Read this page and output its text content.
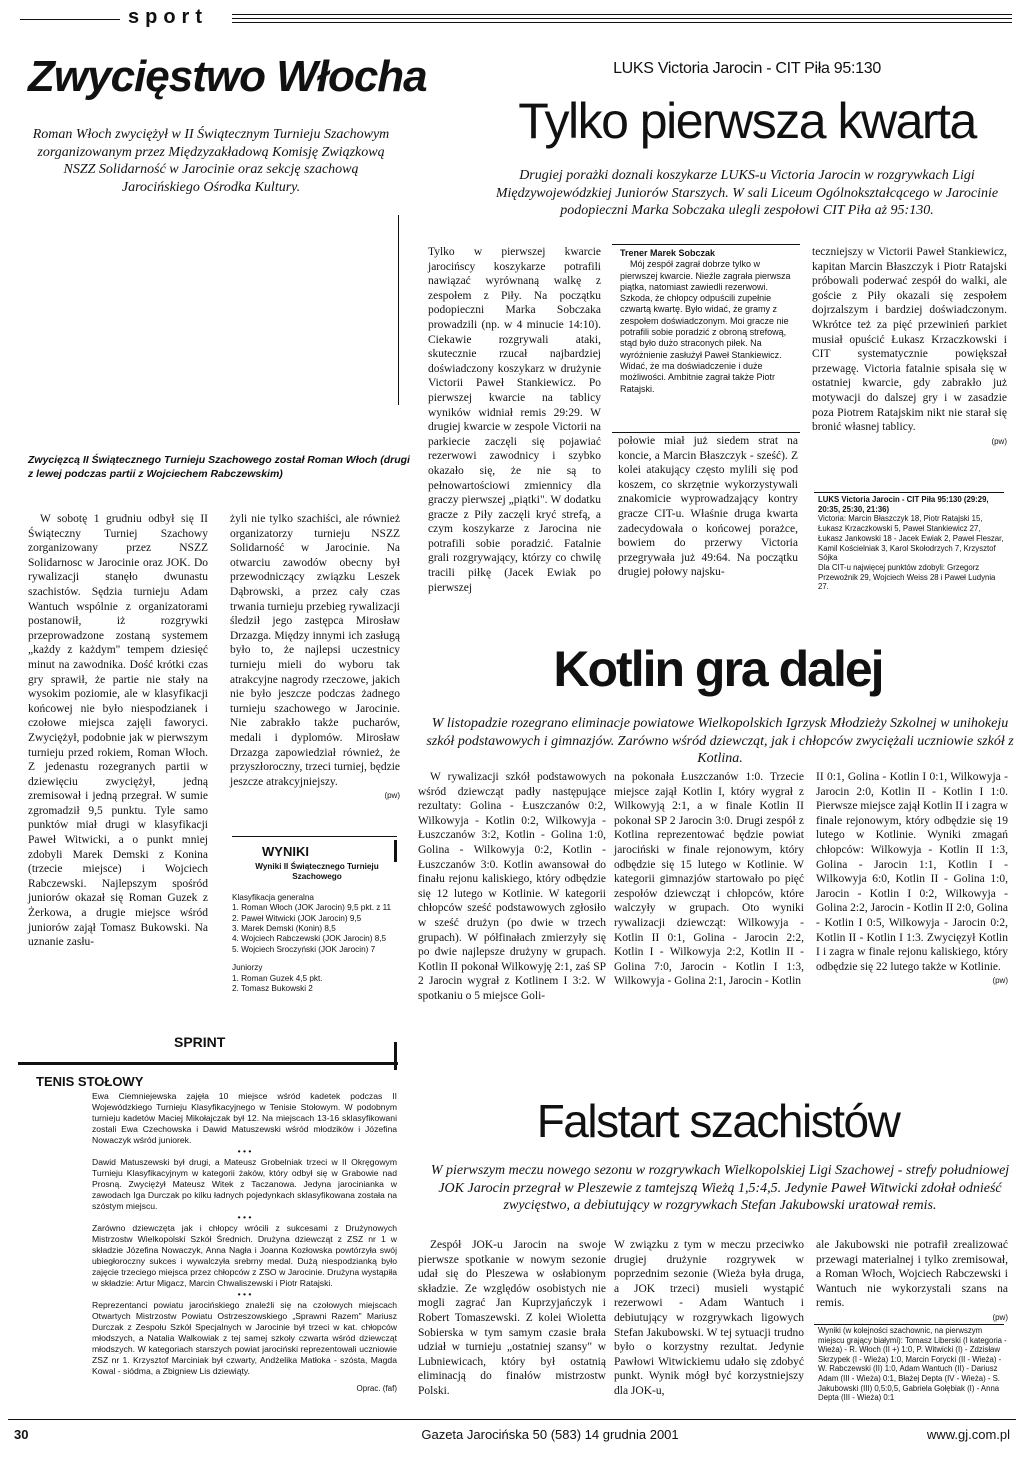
sport
Zwycięstwo Włocha
Roman Włoch zwyciężył w II Świątecznym Turnieju Szachowym zorganizowanym przez Międzyzakładową Komisję Związkową NSZZ Solidarność w Jarocinie oraz sekcję szachową Jarocińskiego Ośrodka Kultury.
Zwycięzcą II Świątecznego Turnieju Szachowego został Roman Włoch (drugi z lewej podczas partii z Wojciechem Rabczewskim)

W sobotę 1 grudniu odbył się II Świąteczny Turniej Szachowy zorganizowany przez NSZZ Solidarnosc w Jarocinie oraz JOK. Do rywalizacji stanęło dwunastu szachistów. Sędzia turnieju Adam Wantuch wspólnie z organizatorami postanowił, iż rozgrywki przeprowadzone zostaną systemem „każdy z każdym" tempem dziesięć minut na zawodnika. Dość krótki czas gry sprawił, że partie nie stały na wysokim poziomie, ale w klasyfikacji końcowej nie było niespodzianek i czołowe miejsca zajęli faworyci. Zwyciężył, podobnie jak w pierwszym turnieju przed rokiem, Roman Włoch. Z jedenastu rozegranych partii w dziewięciu zwyciężył, jedną zremisował i jedną przegrał. W sumie zgromadził 9,5 punktu. Tyle samo punktów miał drugi w klasyfikacji Paweł Witwicki, a o punkt mniej zdobyli Marek Demski z Konina (trzecie miejsce) i Wojciech Rabczewski. Najlepszym spośród juniorów okazał się Roman Guzek z Żerkowa, a drugie miejsce wśród juniorów zajął Tomasz Bukowski. Na uznanie zasłu-

żyli nie tylko szachiści, ale również organizatorzy turnieju NSZZ Solidarność w Jarocinie. Na otwarciu zawodów obecny był przewodniczący związku Leszek Dąbrowski, a przez cały czas trwania turnieju przebieg rywalizacji śledził jego zastępca Mirosław Drzazga. Między innymi ich zasługą było to, że najlepsi uczestnicy turnieju mieli do wyboru tak atrakcyjne nagrody rzeczowe, jakich nie było jeszcze podczas żadnego turnieju szachowego w Jarocinie. Nie zabrakło także pucharów, medali i dyplomów. Mirosław Drzazga zapowiedział również, że przyszłoroczny, trzeci turniej, będzie jeszcze atrakcyjniejszy.

(pw)
WYNIKI

Wyniki II Świątecznego Turnieju Szachowego

Klasyfikacja generalna

1. Roman Włoch (JOK Jarocin) 9,5 pkt. z 11

2. Paweł Witwicki (JOK Jarocin) 9,5

3. Marek Demski (Konin) 8,5

4. Wojciech Rabczewski (JOK Jarocin) 8,5

5. Wojciech Sroczyński (JOK Jarocin) 7

Juniorzy

1. Roman Guzek 4,5 pkt.

2. Tomasz Bukowski 2

LUKS Victoria Jarocin - CIT Piła 95:130
Tylko pierwsza kwarta
Drugiej porażki doznali koszykarze LUKS-u Victoria Jarocin w rozgrywkach Ligi Międzywojewódzkiej Juniorów Starszych. W sali Liceum Ogólnokształcącego w Jarocinie podopieczni Marka Sobczaka ulegli zespołowi CIT Piła aż 95:130.

Tylko w pierwszej kwarcie jarocińscy koszykarze potrafili nawiązać wyrównaną walkę z zespołem z Piły. Na początku podopieczni Marka Sobczaka prowadzili (np. w 4 minucie 14:10). Ciekawie rozgrywali ataki, skutecznie rzucał najbardziej doświadczony koszykarz w drużynie Victorii Paweł Stankiewicz. Po pierwszej kwarcie na tablicy wyników widniał remis 29:29. W drugiej kwarcie w zespole Victorii na parkiecie zaczęli się pojawiać rezerwowi zawodnicy i szybko okazało się, że nie są to pełnowartościowi zmiennicy dla graczy pierwszej „piątki". W dodatku gracze z Piły zaczęli kryć strefą, a czym koszykarze z Jarocina nie potrafili sobie poradzić. Fatalnie grali rozgrywający, którzy co chwilę tracili piłkę (Jacek Ewiak po pierwszej

Trener Marek Sobczak

Mój zespół zagrał dobrze tylko w pierwszej kwarcie. Nieźle zagrała pierwsza piątka, natomiast zawiedli rezerwowi. Szkoda, że chłopcy odpuścili zupełnie czwartą kwartę. Było widać, że gramy z zespołem doświadczonym. Moi gracze nie potrafili sobie poradzić z obroną strefową, stąd było dużo straconych piłek. Na wyróżnienie zasłużył Paweł Stankiewicz. Widać, że ma doświadczenie i duże możliwości. Ambitnie zagrał także Piotr Ratajski.

połowie miał już siedem strat na koncie, a Marcin Błaszczyk - sześć). Z kolei atakujący często mylili się pod koszem, co skrzętnie wykorzystywali znakomicie wyprowadzający kontry gracze CIT-u. Właśnie druga kwarta zadecydowała o końcowej porażce, bowiem do przerwy Victoria przegrywała już 49:64. Na początku drugiej połowy najsku-

teczniejszy w Victorii Paweł Stankiewicz, kapitan Marcin Błaszczyk i Piotr Ratajski próbowali poderwać zespół do walki, ale goście z Piły okazali się zespołem dojrzalszym i bardziej doświadczonym. Wkrótce też za pięć przewinień parkiet musiał opuścić Łukasz Krzaczkowski i CIT systematycznie powiększał przewagę. Victoria fatalnie spisała się w ostatniej kwarcie, gdy zabrakło już motywacji do dalszej gry i w zasadzie poza Piotrem Ratajskim nikt nie starał się bronić własnej tablicy.

(pw)

LUKS Victoria Jarocin - CIT Piła 95:130 (29:29, 20:35, 25:30, 21:36)

Victoria: Marcin Błaszczyk 18, Piotr Ratajski 15, Łukasz Krzaczkowski 5, Paweł Stankiewicz 27, Łukasz Jankowski 18 - Jacek Ewiak 2, Paweł Fleszar, Kamil Kościelniak 3, Karol Skołodrzych 7, Krzysztof Sójka

Dla CIT-u najwięcej punktów zdobyli: Grzegorz Przewoźnik 29, Wojciech Weiss 28 i Paweł Ludynia 27.

Kotlin gra dalej
W listopadzie rozegrano eliminacje powiatowe Wielkopolskich Igrzysk Młodzieży Szkolnej w unihokeju szkół podstawowych i gimnazjów. Zarówno wśród dziewcząt, jak i chłopców zwyciężali uczniowie szkół z Kotlina.

W rywalizacji szkół podstawowych wśród dziewcząt padły następujące rezultaty: Golina - Łuszczanów 0:2, Wilkowyja - Kotlin 0:2, Wilkowyja - Łuszczanów 3:2, Kotlin - Golina 1:0, Golina - Wilkowyja 0:2, Kotlin - Łuszczanów 3:0. Kotlin awansował do finału rejonu kaliskiego, który odbędzie się 12 lutego w Kotlinie. W kategorii chłopców sześć podstawowych zgłosiło w sześć drużyn (po dwie w trzech grupach). W półfinałach zmierzyły się po dwie najlepsze drużyny w grupach. Kotlin II pokonał Wilkowyję 2:1, zaś SP 2 Jarocin wygrał z Kotlinem I 3:2. W spotkaniu o 5 miejsce Goli-

na pokonała Łuszczanów 1:0. Trzecie miejsce zajął Kotlin I, który wygrał z Wilkowyją 2:1, a w finale Kotlin II pokonał SP 2 Jarocin 3:0. Drugi zespół z Kotlina reprezentować będzie powiat jarociński w finale rejonowym, który odbędzie się 15 lutego w Kotlinie. W kategorii gimnazjów startowało po pięć zespołów dziewcząt i chłopców, które walczyły w grupach. Oto wyniki rywalizacji dziewcząt: Wilkowyja - Kotlin II 0:1, Golina - Jarocin 2:2, Kotlin I - Wilkowyja 2:2, Kotlin II - Golina 7:0, Jarocin - Kotlin I 1:3, Wilkowyja - Golina 2:1, Jarocin - Kotlin

II 0:1, Golina - Kotlin I 0:1, Wilkowyja - Jarocin 2:0, Kotlin II - Kotlin I 1:0. Pierwsze miejsce zajął Kotlin II i zagra w finale rejonowym, który odbędzie się 19 lutego w Kotlinie. Wyniki zmagań chłopców: Wilkowyja - Kotlin II 1:3, Golina - Jarocin 1:1, Kotlin I - Wilkowyja 6:0, Kotlin II - Golina 1:0, Jarocin - Kotlin I 0:2, Wilkowyja - Golina 2:2, Jarocin - Kotlin II 2:0, Golina - Kotlin I 0:5, Wilkowyja - Jarocin 0:2, Kotlin II - Kotlin I 1:3. Zwycięzył Kotlin I i zagra w finale rejonu kaliskiego, który odbędzie się 22 lutego także w Kotlinie.

(pw)
SPRINT
TENIS STOŁOWY

Ewa Ciemniejewska zajęła 10 miejsce wśród kadetek podczas II Wojewódzkiego Turnieju Klasyfikacyjnego w Tenisie Stołowym. W podobnym turnieju kadetów Maciej Mikołajczak był 12. Na miejscach 13-16 sklasyfikowani zostali Ewa Czechowska i Dawid Matuszewski wśród młodzików i Józefina Nowaczyk wśród juniorek.

• • •

Dawid Matuszewski był drugi, a Mateusz Grobelniak trzeci w II Okręgowym Turnieju Klasyfikacyjnym w kategorii żaków, który odbył się w Grabowie nad Prosną. Zwyciężył Mateusz Witek z Taczanowa. Jedyna jarocinianka w zawodach Iga Durczak po kilku ładnych pojedynkach sklasyfikowana została na szóstym miejscu.

• • •

Zarówno dziewczęta jak i chłopcy wrócili z sukcesami z Drużynowych Mistrzostw Wielkopolski Szkół Średnich. Drużyna dziewcząt z ZSZ nr 1 w składzie Józefina Nowaczyk, Anna Nagła i Joanna Kozłowska powtórzyła swój ubiegłoroczny sukces i wywalczyła srebrny medal. Dużą niespodzianką było zajęcie trzeciego miejsca przez chłopców z ZSO w Jarocinie. Drużyna wystąpiła w składzie: Artur Migacz, Marcin Chwaliszewski i Piotr Ratajski.

• • •

Reprezentanci powiatu jarocińskiego znaleźli się na czołowych miejscach Otwartych Mistrzostw Powiatu Ostrzeszowskiego „Sprawni Razem" Mariusz Durczak z Zespołu Szkół Specjalnych w Jarocinie był trzeci w kat. chłopców młodszych, a Natalia Walkowiak z tej samej szkoły czwarta wśród dziewcząt młodszych. W kategoriach starszych powiat jarociński reprezentowali uczniowie ZSZ nr 1. Krzysztof Marciniak był czwarty, Andżelika Matłoka - szósta, Magda Kowal - siódma, a Zbigniew Lis dziewiąty.

Oprac. (faf)
Falstart szachistów
W pierwszym meczu nowego sezonu w rozgrywkach Wielkopolskiej Ligi Szachowej - strefy południowej JOK Jarocin przegrał w Pleszewie z tamtejszą Wieżą 1,5:4,5. Jedynie Paweł Witwicki zdołał odnieść zwycięstwo, a debiutujący w rozgrywkach Stefan Jakubowski uratował remis.

Zespół JOK-u Jarocin na swoje pierwsze spotkanie w nowym sezonie udał się do Pleszewa w osłabionym składzie. Ze względów osobistych nie mogli zagrać Jan Kuprzyjańczyk i Robert Tomaszewski. Z kolei Wioletta Sobierska w tym samym czasie brała udział w turnieju „ostatniej szansy" w Lubniewicach, który był ostatnią eliminacją do finałów mistrzostw Polski.

W związku z tym w meczu przeciwko drugiej drużynie rozgrywek w poprzednim sezonie (Wieża była druga, a JOK trzeci) musieli wystąpić rezerwowi - Adam Wantuch i debiutujący w rozgrywkach ligowych Stefan Jakubowski. W tej sytuacji trudno było o korzystny rezultat. Jedynie Pawłowi Witwickiemu udało się zdobyć punkt. Wynik mógł być korzystniejszy dla JOK-u,

ale Jakubowski nie potrafił zrealizować przewagi materialnej i tylko zremisował, a Roman Włoch, Wojciech Rabczewski i Wantuch nie wykorzystali szans na remis.

(pw)

Wyniki (w kolejności szachownic, na pierwszym miejscu grający białymi): Tomasz Liberski (I kategoria - Wieża) - R. Włoch (II +) 1:0, P. Witwicki (I) - Zdzisław Skrzypek (I - Wieża) 1:0, Marcin Forycki (II - Wieża) - W. Rabczewski (II) 1:0, Adam Wantuch (II) - Dariusz Adam (III - Wieża) 0:1, Błażej Depta (IV - Wieża) - S. Jakubowski (III) 0,5:0,5, Gabriela Gołębiak (I) - Anna Depta (III - Wieża) 0:1

30	Gazeta Jarocińska 50 (583) 14 grudnia 2001	www.gj.com.pl
